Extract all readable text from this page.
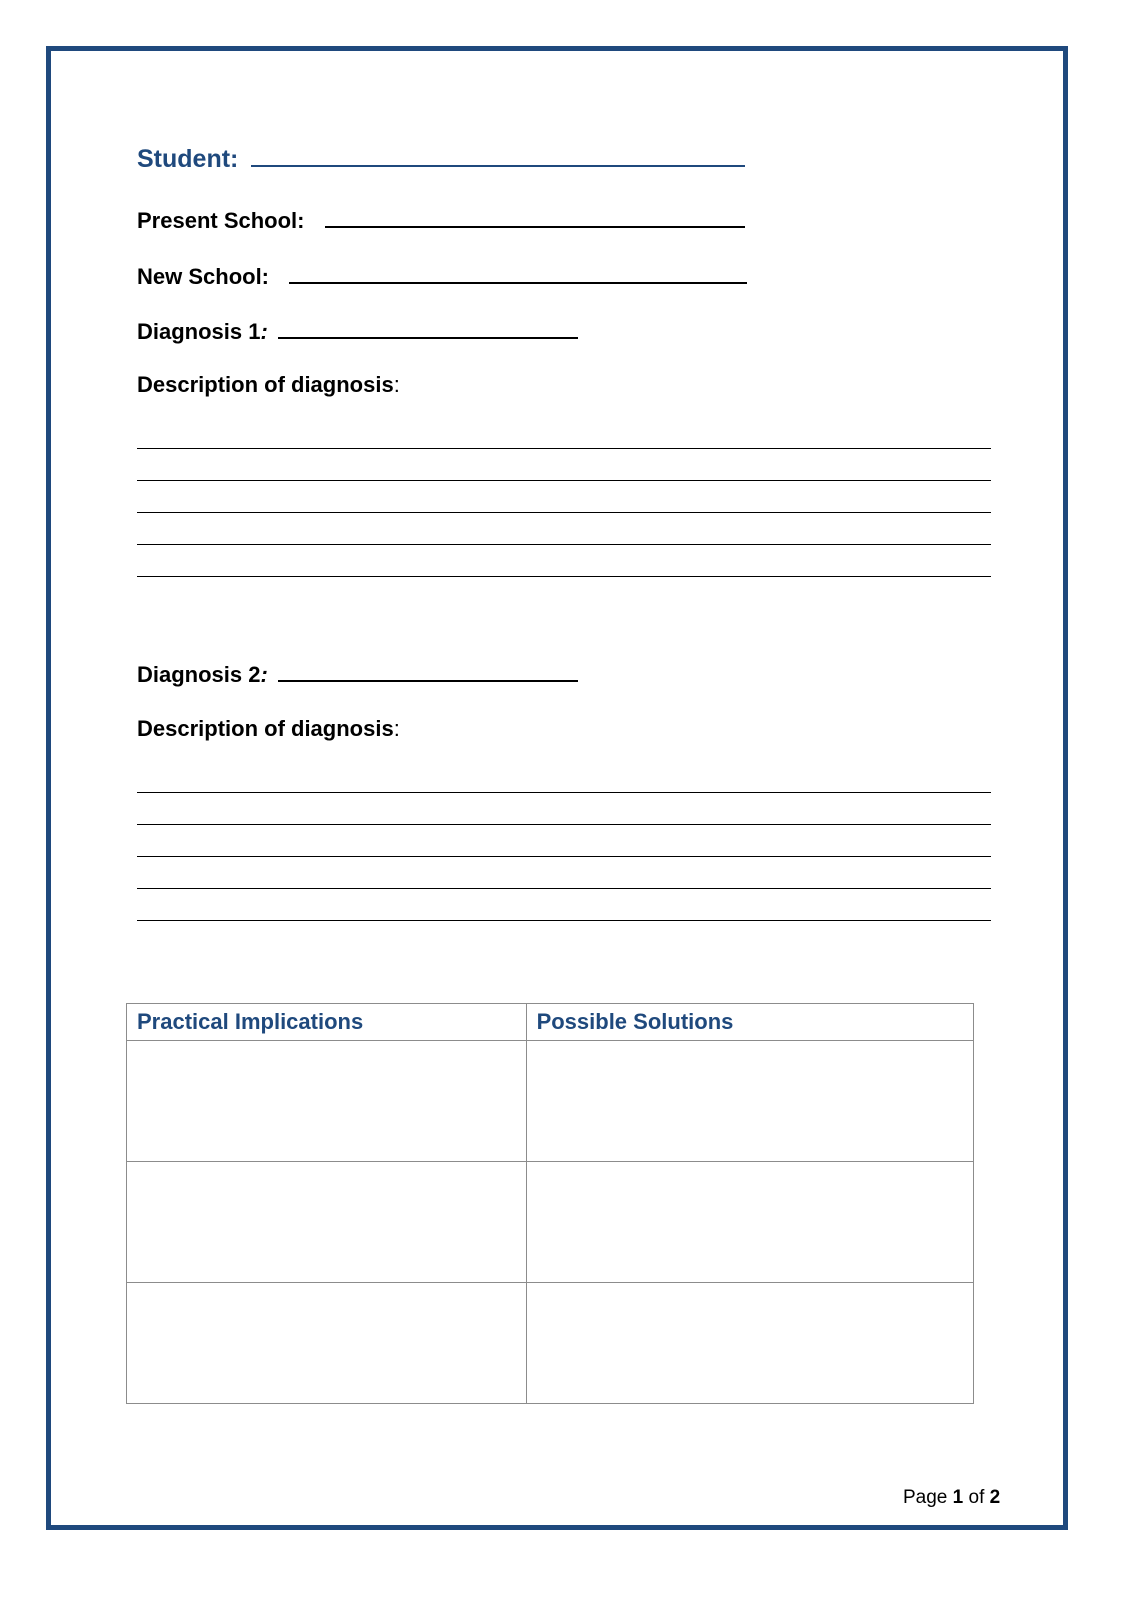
Student:
Present School:
New School:
Diagnosis 1:
Description of diagnosis:
Diagnosis 2:
Description of diagnosis:
Practical Implications	Possible Solutions

Page 1 of 2
